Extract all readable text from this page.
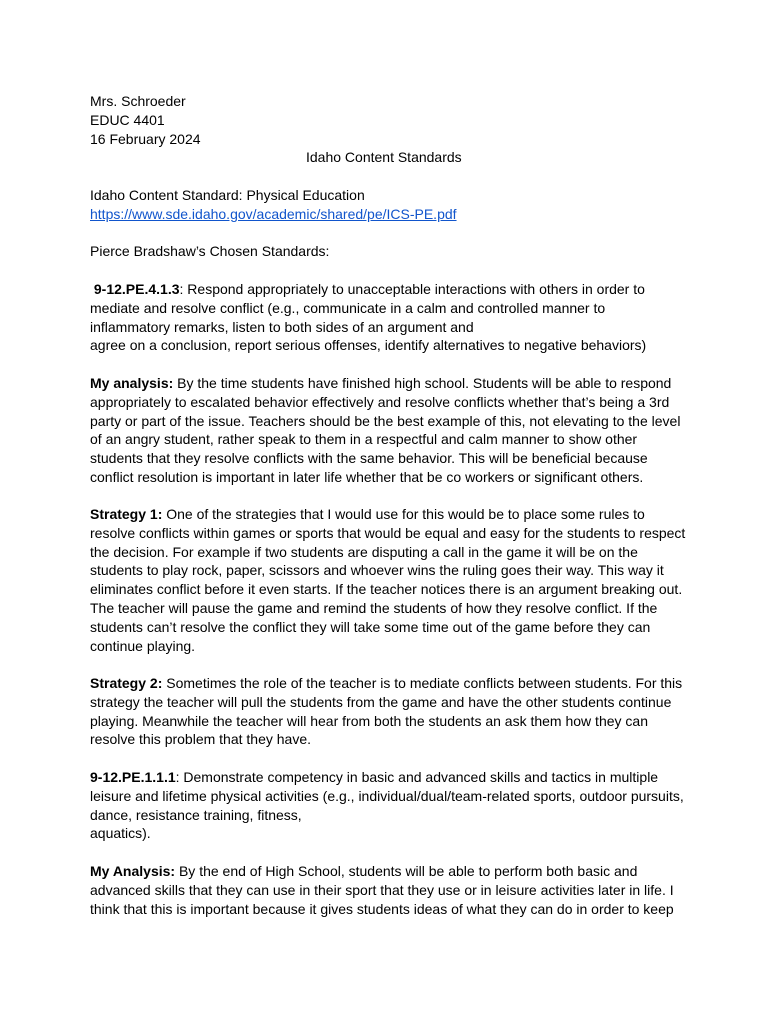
Mrs. Schroeder
EDUC 4401
16 February 2024
Idaho Content Standards
Idaho Content Standard: Physical Education
https://www.sde.idaho.gov/academic/shared/pe/ICS-PE.pdf
Pierce Bradshaw’s Chosen Standards:
9-12.PE.4.1.3: Respond appropriately to unacceptable interactions with others in order to
mediate and resolve conflict (e.g., communicate in a calm and controlled manner to
inflammatory remarks, listen to both sides of an argument and
agree on a conclusion, report serious offenses, identify alternatives to negative behaviors)
My analysis: By the time students have finished high school. Students will be able to respond
appropriately to escalated behavior effectively and resolve conflicts whether that’s being a 3rd
party or part of the issue. Teachers should be the best example of this, not elevating to the level
of an angry student, rather speak to them in a respectful and calm manner to show other
students that they resolve conflicts with the same behavior. This will be beneficial because
conflict resolution is important in later life whether that be co workers or significant others.
Strategy 1: One of the strategies that I would use for this would be to place some rules to
resolve conflicts within games or sports that would be equal and easy for the students to respect
the decision. For example if two students are disputing a call in the game it will be on the
students to play rock, paper, scissors and whoever wins the ruling goes their way. This way it
eliminates conflict before it even starts. If the teacher notices there is an argument breaking out.
The teacher will pause the game and remind the students of how they resolve conflict. If the
students can’t resolve the conflict they will take some time out of the game before they can
continue playing.
Strategy 2: Sometimes the role of the teacher is to mediate conflicts between students. For this
strategy the teacher will pull the students from the game and have the other students continue
playing. Meanwhile the teacher will hear from both the students an ask them how they can
resolve this problem that they have.
9-12.PE.1.1.1: Demonstrate competency in basic and advanced skills and tactics in multiple
leisure and lifetime physical activities (e.g., individual/dual/team-related sports, outdoor pursuits,
dance, resistance training, fitness,
aquatics).
My Analysis: By the end of High School, students will be able to perform both basic and
advanced skills that they can use in their sport that they use or in leisure activities later in life. I
think that this is important because it gives students ideas of what they can do in order to keep
